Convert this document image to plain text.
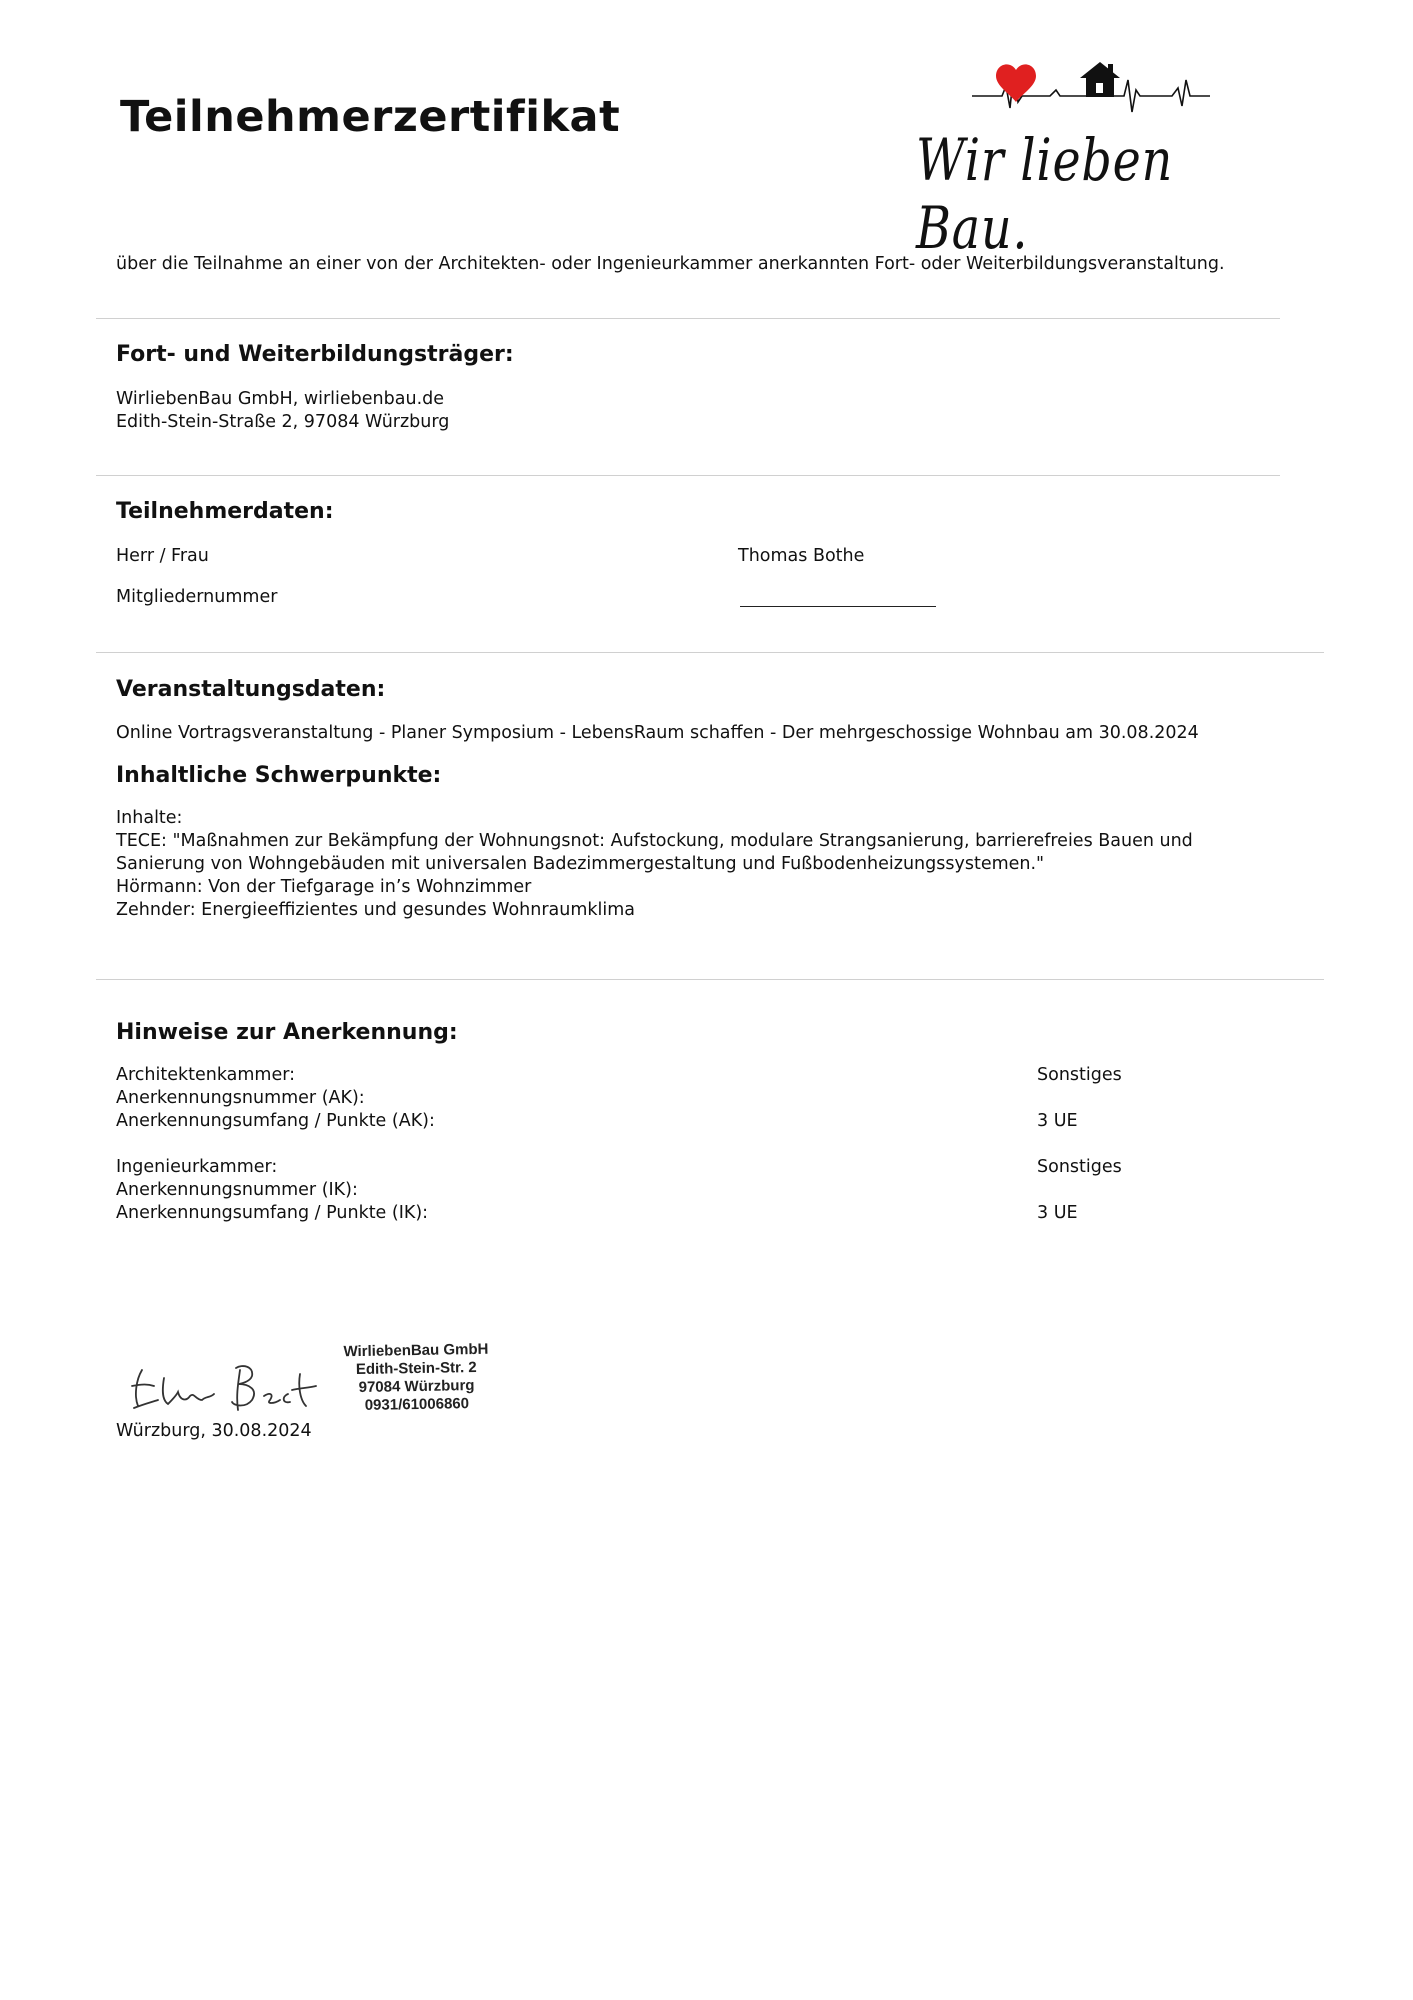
Teilnehmerzertifikat
Wir lieben Bau.
über die Teilnahme an einer von der Architekten- oder Ingenieurkammer anerkannten Fort- oder Weiterbildungsveranstaltung.
Fort- und Weiterbildungsträger:
WirliebenBau GmbH, wirliebenbau.de
Edith-Stein-Straße 2, 97084 Würzburg
Teilnehmerdaten:
Herr / Frau	Thomas Bothe
Mitgliedernummer
Veranstaltungsdaten:
Online Vortragsveranstaltung - Planer Symposium - LebensRaum schaffen - Der mehrgeschossige Wohnbau am 30.08.2024
Inhaltliche Schwerpunkte:
Inhalte:
TECE: "Maßnahmen zur Bekämpfung der Wohnungsnot: Aufstockung, modulare Strangsanierung, barrierefreies Bauen und
Sanierung von Wohngebäuden mit universalen Badezimmergestaltung und Fußbodenheizungssystemen."
Hörmann: Von der Tiefgarage in’s Wohnzimmer
Zehnder: Energieeffizientes und gesundes Wohnraumklima
Hinweise zur Anerkennung:
Architektenkammer:	Sonstiges
Anerkennungsnummer (AK):
Anerkennungsumfang / Punkte (AK):	3 UE
Ingenieurkammer:	Sonstiges
Anerkennungsnummer (IK):
Anerkennungsumfang / Punkte (IK):	3 UE
WirliebenBau GmbH
Edith-Stein-Str. 2
97084 Würzburg
0931/61006860
Würzburg, 30.08.2024
